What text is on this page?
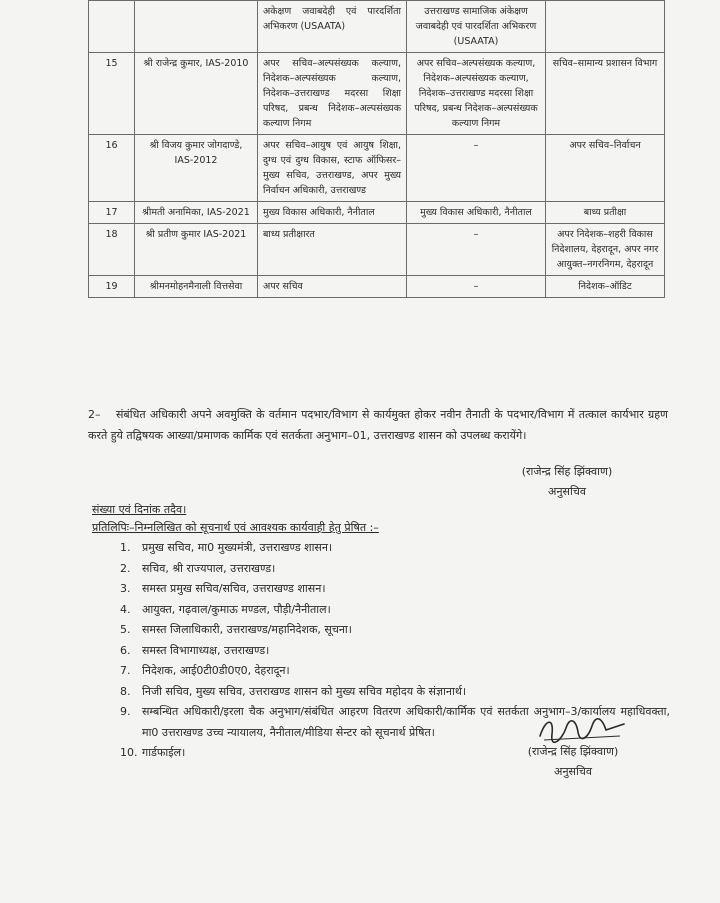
		अकेक्षण जवाबदेही एवं पारदर्शिता अभिकरण (USAATA)	उत्तराखण्ड सामाजिक अंकेक्षण जवाबदेही एवं पारदर्शिता अभिकरण (USAATA)	
15	श्री राजेन्द्र कुमार, IAS-2010	अपर सचिव–अल्पसंख्यक कल्याण, निदेशक–अल्पसंख्यक कल्याण, निदेशक–उत्तराखण्ड मदरसा शिक्षा परिषद, प्रबन्ध निदेशक–अल्पसंख्यक कल्याण निगम	अपर सचिव–अल्पसंख्यक कल्याण, निदेशक–अल्पसंख्यक कल्याण, निदेशक–उत्तराखण्ड मदरसा शिक्षा परिषद, प्रबन्ध निदेशक–अल्पसंख्यक कल्याण निगम	सचिव–सामान्य प्रशासन विभाग
16	श्री विजय कुमार जोगदाण्डे, IAS-2012	अपर सचिव–आयुष एवं आयुष शिक्षा, दुग्ध एवं दुग्ध विकास, स्टाफ ऑफिसर–मुख्य सचिव, उत्तराखण्ड, अपर मुख्य निर्वाचन अधिकारी, उत्तराखण्ड	–	अपर सचिव–निर्वाचन
17	श्रीमती अनामिका, IAS-2021	मुख्य विकास अधिकारी, नैनीताल	मुख्य विकास अधिकारी, नैनीताल	बाध्य प्रतीक्षा
18	श्री प्रतीण कुमार IAS-2021	बाध्य प्रतीक्षारत	–	अपर निदेशक–शहरी विकास निदेशालय, देहरादून, अपर नगर आयुक्त–नगरनिगम, देहरादून
19	श्रीमनमोहनमैनाली वित्तसेवा	अपर सचिव	–	निदेशक–ऑडिट
2– संबंधित अधिकारी अपने अवमुक्ति के वर्तमान पदभार/विभाग से कार्यमुक्त होकर नवीन तैनाती के पदभार/विभाग में तत्काल कार्यभार ग्रहण करते हुये तद्विषयक आख्या/प्रमाणक कार्मिक एवं सतर्कता अनुभाग–01, उत्तराखण्ड शासन को उपलब्ध करायेंगे।
(राजेन्द्र सिंह झिंक्वाण)
अनुसचिव
संख्या एवं दिनांक तदैव।
प्रतिलिपिः–निम्नलिखित को सूचनार्थ एवं आवश्यक कार्यवाही हेतु प्रेषित :–
1.	प्रमुख सचिव, मा0 मुख्यमंत्री, उत्तराखण्ड शासन।
2.	सचिव, श्री राज्यपाल, उत्तराखण्ड।
3.	समस्त प्रमुख सचिव/सचिव, उत्तराखण्ड शासन।
4.	आयुक्त, गढ़वाल/कुमाऊ मण्डल, पौड़ी/नैनीताल।
5.	समस्त जिलाधिकारी, उत्तराखण्ड/महानिदेशक, सूचना।
6.	समस्त विभागाध्यक्ष, उत्तराखण्ड।
7.	निदेशक, आई0टी0डी0ए0, देहरादून।
8.	निजी सचिव, मुख्य सचिव, उत्तराखण्ड शासन को मुख्य सचिव महोदय के संज्ञानार्थ।
9.	सम्बन्धित अधिकारी/इरला चैक अनुभाग/संबंधित आहरण वितरण अधिकारी/कार्मिक एवं सतर्कता अनुभाग–3/कार्यालय महाधिवक्ता, मा0 उत्तराखण्ड उच्च न्यायालय, नैनीताल/मीडिया सेन्टर को सूचनार्थ प्रेषित।
10. गार्डफाईल।	(राजेन्द्र सिंह झिंक्वाण)
अनुसचिव
